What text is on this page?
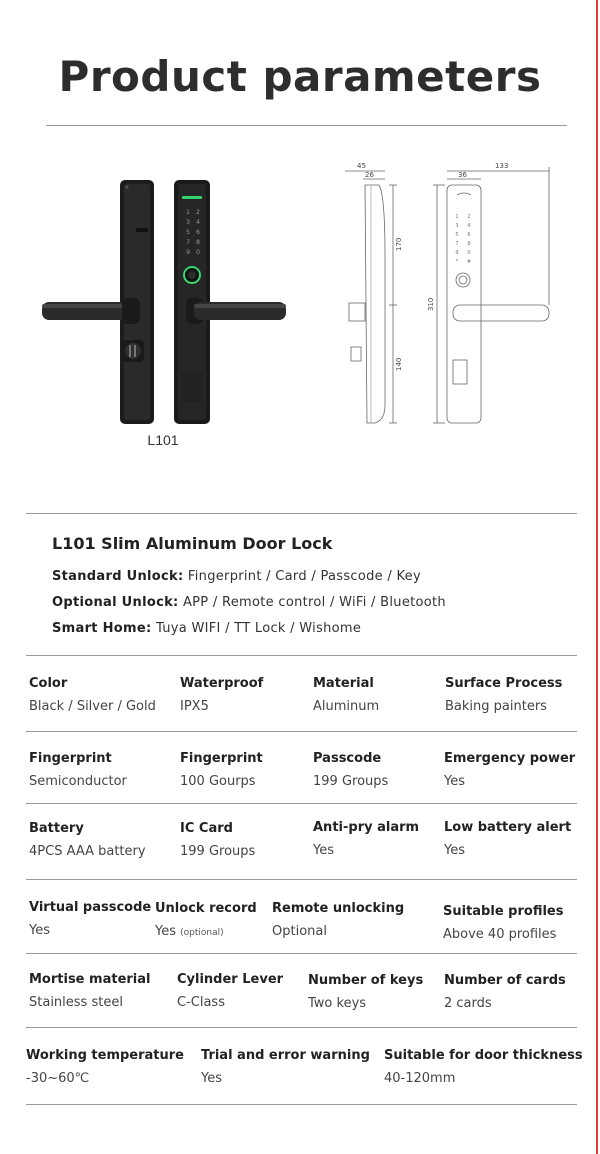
Product parameters
1 2
3 4
5 6
7 8
9 0
L101
1 2
3 4
5 6
7 8
9 0
* #
45
26
133
36
170
140
310
L101 Slim Aluminum Door Lock
Standard Unlock: Fingerprint / Card / Passcode / Key
Optional Unlock: APP / Remote control / WiFi / Bluetooth
Smart Home: Tuya WIFI / TT Lock / Wishome
Color
Black / Silver / Gold
Waterproof
IPX5
Material
Aluminum
Surface Process
Baking painters
Fingerprint
Semiconductor
Fingerprint
100 Gourps
Passcode
199 Groups
Emergency power
Yes
Battery
4PCS AAA battery
IC Card
199 Groups
Anti-pry alarm
Yes
Low battery alert
Yes
Virtual passcode
Yes
Unlock record
Yes (optional)
Remote unlocking
Optional
Suitable profiles
Above 40 profiles
Mortise material
Stainless steel
Cylinder Lever
C-Class
Number of keys
Two keys
Number of cards
2 cards
Working temperature
-30~60℃
Trial and error warning
Yes
Suitable for door thickness
40-120mm
